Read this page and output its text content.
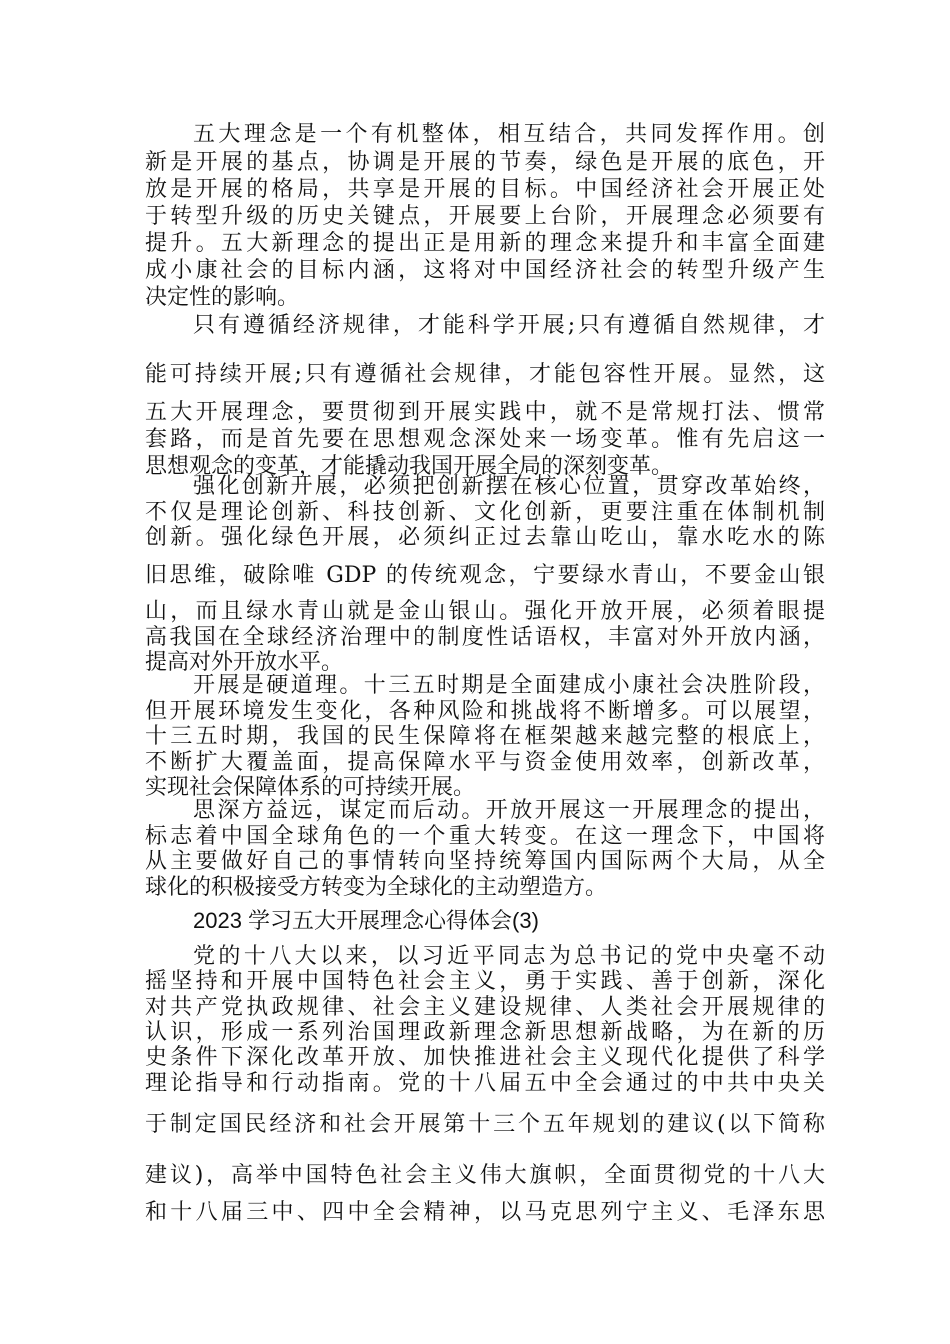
五大理念是一个有机整体，相互结合，共同发挥作用。创
新是开展的基点，协调是开展的节奏，绿色是开展的底色，开
放是开展的格局，共享是开展的目标。中国经济社会开展正处
于转型升级的历史关键点，开展要上台阶，开展理念必须要有
提升。五大新理念的提出正是用新的理念来提升和丰富全面建
成小康社会的目标内涵，这将对中国经济社会的转型升级产生
决定性的影响。
只有遵循经济规律，才能科学开展;只有遵循自然规律，才
能可持续开展;只有遵循社会规律，才能包容性开展。显然，这
五大开展理念，要贯彻到开展实践中，就不是常规打法、惯常
套路，而是首先要在思想观念深处来一场变革。惟有先启这一
思想观念的变革，才能撬动我国开展全局的深刻变革。
强化创新开展，必须把创新摆在核心位置，贯穿改革始终，
不仅是理论创新、科技创新、文化创新，更要注重在体制机制
创新。强化绿色开展，必须纠正过去靠山吃山，靠水吃水的陈
旧思维，破除唯 GDP 的传统观念，宁要绿水青山，不要金山银
山，而且绿水青山就是金山银山。强化开放开展，必须着眼提
高我国在全球经济治理中的制度性话语权，丰富对外开放内涵，
提高对外开放水平。
开展是硬道理。十三五时期是全面建成小康社会决胜阶段，
但开展环境发生变化，各种风险和挑战将不断增多。可以展望，
十三五时期，我国的民生保障将在框架越来越完整的根底上，
不断扩大覆盖面，提高保障水平与资金使用效率，创新改革，
实现社会保障体系的可持续开展。
思深方益远，谋定而后动。开放开展这一开展理念的提出，
标志着中国全球角色的一个重大转变。在这一理念下，中国将
从主要做好自己的事情转向坚持统筹国内国际两个大局，从全
球化的积极接受方转变为全球化的主动塑造方。
2023 学习五大开展理念心得体会(3)
党的十八大以来，以习近平同志为总书记的党中央毫不动
摇坚持和开展中国特色社会主义，勇于实践、善于创新，深化
对共产党执政规律、社会主义建设规律、人类社会开展规律的
认识，形成一系列治国理政新理念新思想新战略，为在新的历
史条件下深化改革开放、加快推进社会主义现代化提供了科学
理论指导和行动指南。党的十八届五中全会通过的中共中央关
于制定国民经济和社会开展第十三个五年规划的建议(以下简称
建议)，高举中国特色社会主义伟大旗帜，全面贯彻党的十八大
和十八届三中、四中全会精神，以马克思列宁主义、毛泽东思
